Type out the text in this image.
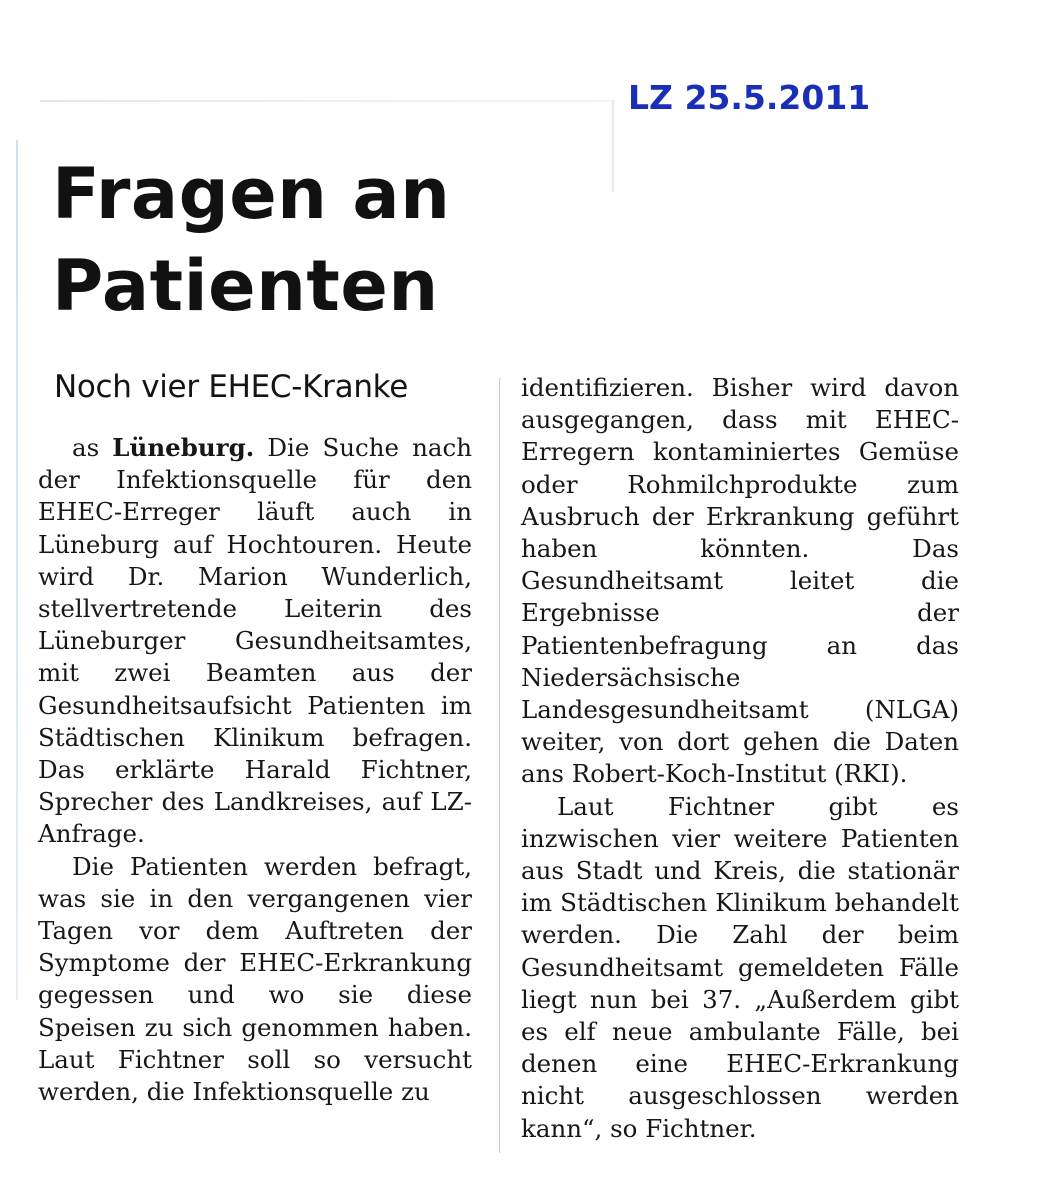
LZ 25.5.2011
Fragen an Patienten
Noch vier EHEC-Kranke

as Lüneburg. Die Suche nach der Infektionsquelle für den EHEC-Erreger läuft auch in Lüneburg auf Hochtouren. Heute wird Dr. Marion Wunderlich, stellvertretende Leiterin des Lüneburger Gesundheitsamtes, mit zwei Beamten aus der Gesundheitsaufsicht Patienten im Städtischen Klinikum befragen. Das erklärte Harald Fichtner, Sprecher des Landkreises, auf LZ-Anfrage.

Die Patienten werden befragt, was sie in den vergangenen vier Tagen vor dem Auftreten der Symptome der EHEC-Erkrankung gegessen und wo sie diese Speisen zu sich genommen haben. Laut Fichtner soll so versucht werden, die Infektionsquelle zu

identifizieren. Bisher wird davon ausgegangen, dass mit EHEC-Erregern kontaminiertes Gemüse oder Rohmilchprodukte zum Ausbruch der Erkrankung geführt haben könnten. Das Gesundheitsamt leitet die Ergebnisse der Patientenbefragung an das Niedersächsische Landesgesundheitsamt (NLGA) weiter, von dort gehen die Daten ans Robert-Koch-Institut (RKI).

Laut Fichtner gibt es inzwischen vier weitere Patienten aus Stadt und Kreis, die stationär im Städtischen Klinikum behandelt werden. Die Zahl der beim Gesundheitsamt gemeldeten Fälle liegt nun bei 37. „Außerdem gibt es elf neue ambulante Fälle, bei denen eine EHEC-Erkrankung nicht ausgeschlossen werden kann“, so Fichtner.
